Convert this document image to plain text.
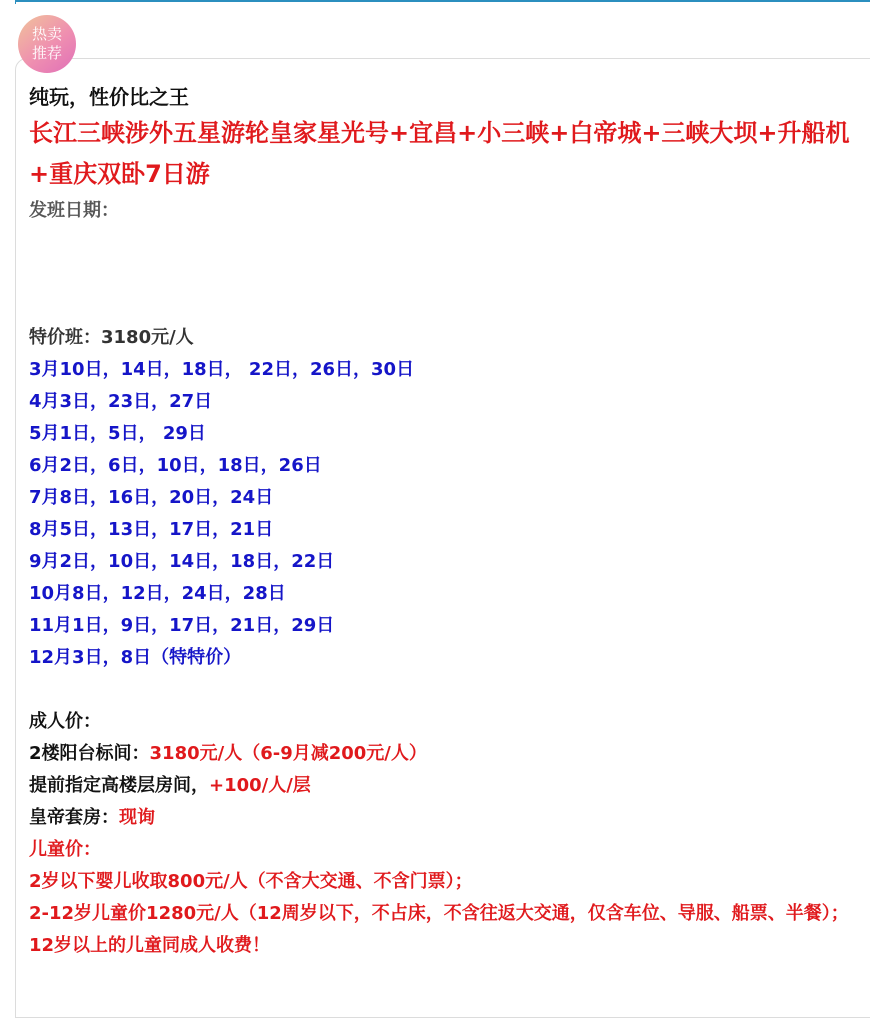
热卖
推荐
纯玩，性价比之王
长江三峡涉外五星游轮皇家星光号+宜昌+小三峡+白帝城+三峡大坝+升船机+重庆双卧7日游
发班日期：
特价班：3180元/人
3月10日，14日，18日， 22日，26日，30日
4月3日，23日，27日
5月1日，5日， 29日
6月2日，6日，10日，18日，26日
7月8日，16日，20日，24日
8月5日，13日，17日，21日
9月2日，10日，14日，18日，22日
10月8日，12日，24日，28日
11月1日，9日，17日，21日，29日
12月3日，8日（特特价）
成人价：
2楼阳台标间：3180元/人（6-9月减200元/人）
提前指定高楼层房间，+100/人/层
皇帝套房：现询
儿童价：
2岁以下婴儿收取800元/人（不含大交通、不含门票）；
2-12岁儿童价1280元/人（12周岁以下，不占床，不含往返大交通，仅含车位、导服、船票、半餐）；
12岁以上的儿童同成人收费！
